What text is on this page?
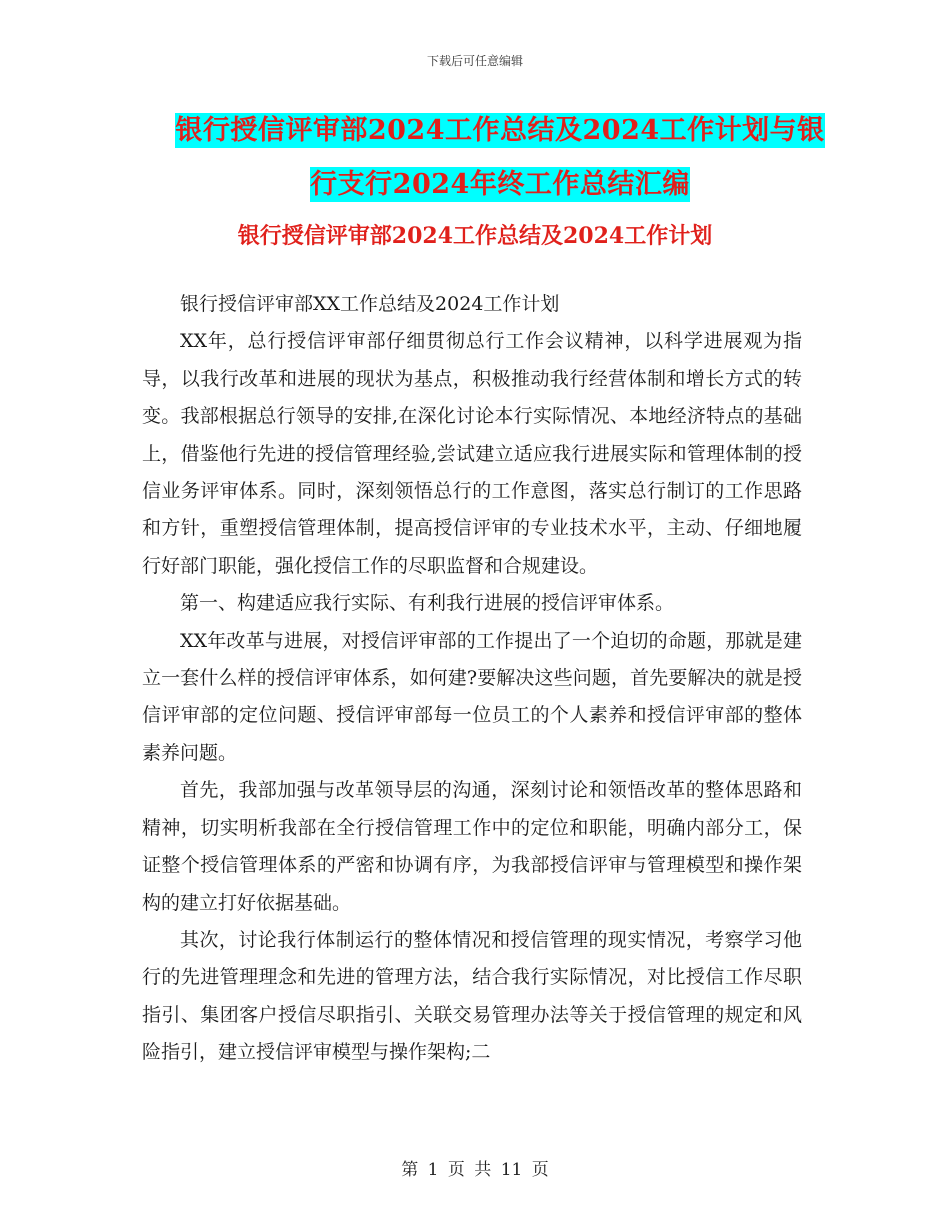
下载后可任意编辑
银行授信评审部2024工作总结及2024工作计划与银
行支行2024年终工作总结汇编
银行授信评审部2024工作总结及2024工作计划

银行授信评审部XX工作总结及2024工作计划

XX年，总行授信评审部仔细贯彻总行工作会议精神，以科学进展观为指导，以我行改革和进展的现状为基点，积极推动我行经营体制和增长方式的转变。我部根据总行领导的安排,在深化讨论本行实际情况、本地经济特点的基础上，借鉴他行先进的授信管理经验,尝试建立适应我行进展实际和管理体制的授信业务评审体系。同时，深刻领悟总行的工作意图，落实总行制订的工作思路和方针，重塑授信管理体制，提高授信评审的专业技术水平，主动、仔细地履行好部门职能，强化授信工作的尽职监督和合规建设。

第一、构建适应我行实际、有利我行进展的授信评审体系。

XX年改革与进展，对授信评审部的工作提出了一个迫切的命题，那就是建立一套什么样的授信评审体系，如何建?要解决这些问题，首先要解决的就是授信评审部的定位问题、授信评审部每一位员工的个人素养和授信评审部的整体素养问题。

首先，我部加强与改革领导层的沟通，深刻讨论和领悟改革的整体思路和精神，切实明析我部在全行授信管理工作中的定位和职能，明确内部分工，保证整个授信管理体系的严密和协调有序，为我部授信评审与管理模型和操作架构的建立打好依据基础。

其次，讨论我行体制运行的整体情况和授信管理的现实情况，考察学习他行的先进管理理念和先进的管理方法，结合我行实际情况，对比授信工作尽职指引、集团客户授信尽职指引、关联交易管理办法等关于授信管理的规定和风险指引，建立授信评审模型与操作架构;二

第 1 页 共 11 页
